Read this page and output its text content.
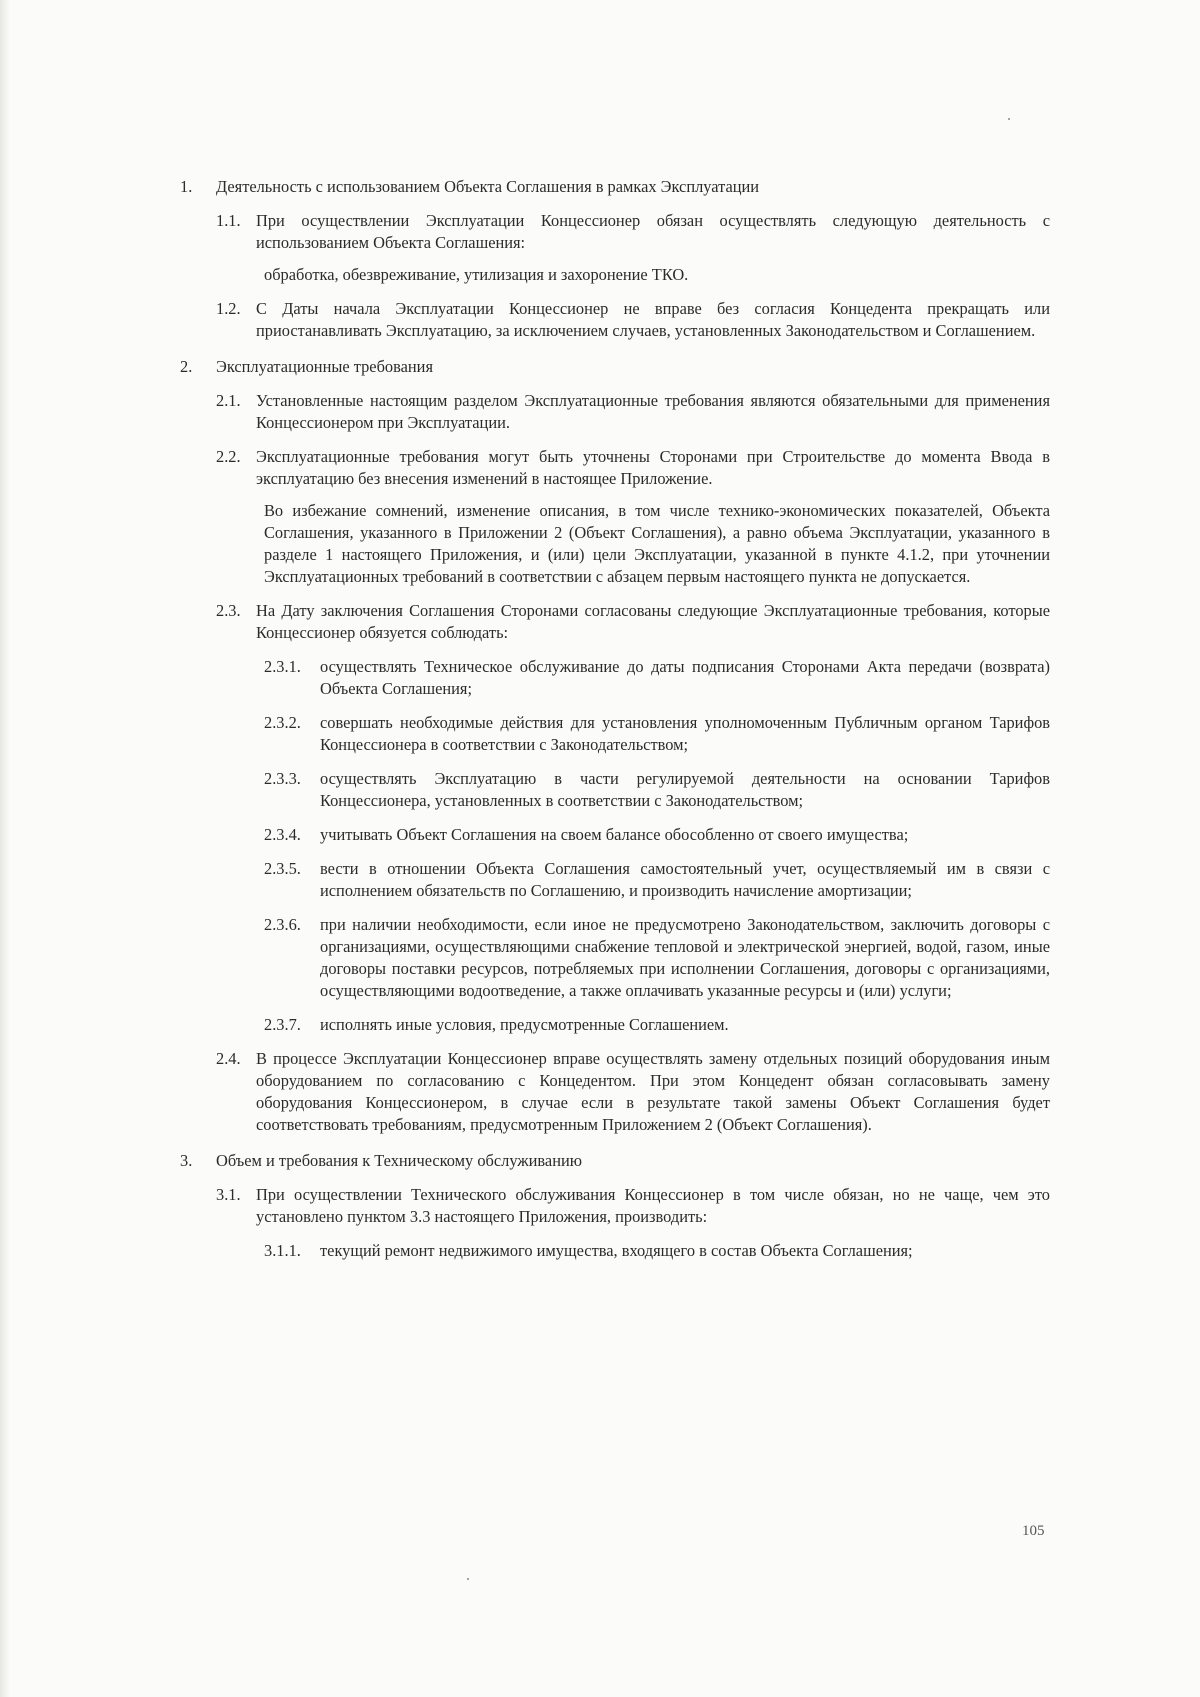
1. Деятельность с использованием Объекта Соглашения в рамках Эксплуатации
1.1. При осуществлении Эксплуатации Концессионер обязан осуществлять следующую деятельность с использованием Объекта Соглашения:

обработка, обезвреживание, утилизация и захоронение ТКО.

1.2. С Даты начала Эксплуатации Концессионер не вправе без согласия Концедента прекращать или приостанавливать Эксплуатацию, за исключением случаев, установленных Законодательством и Соглашением.
2. Эксплуатационные требования
2.1. Установленные настоящим разделом Эксплуатационные требования являются обязательными для применения Концессионером при Эксплуатации.
2.2. Эксплуатационные требования могут быть уточнены Сторонами при Строительстве до момента Ввода в эксплуатацию без внесения изменений в настоящее Приложение.

Во избежание сомнений, изменение описания, в том числе технико-экономических показателей, Объекта Соглашения, указанного в Приложении 2 (Объект Соглашения), а равно объема Эксплуатации, указанного в разделе 1 настоящего Приложения, и (или) цели Эксплуатации, указанной в пункте 4.1.2, при уточнении Эксплуатационных требований в соответствии с абзацем первым настоящего пункта не допускается.

2.3. На Дату заключения Соглашения Сторонами согласованы следующие Эксплуатационные требования, которые Концессионер обязуется соблюдать:
2.3.1. осуществлять Техническое обслуживание до даты подписания Сторонами Акта передачи (возврата) Объекта Соглашения;
2.3.2. совершать необходимые действия для установления уполномоченным Публичным органом Тарифов Концессионера в соответствии с Законодательством;
2.3.3. осуществлять Эксплуатацию в части регулируемой деятельности на основании Тарифов Концессионера, установленных в соответствии с Законодательством;
2.3.4. учитывать Объект Соглашения на своем балансе обособленно от своего имущества;
2.3.5. вести в отношении Объекта Соглашения самостоятельный учет, осуществляемый им в связи с исполнением обязательств по Соглашению, и производить начисление амортизации;
2.3.6. при наличии необходимости, если иное не предусмотрено Законодательством, заключить договоры с организациями, осуществляющими снабжение тепловой и электрической энергией, водой, газом, иные договоры поставки ресурсов, потребляемых при исполнении Соглашения, договоры с организациями, осуществляющими водоотведение, а также оплачивать указанные ресурсы и (или) услуги;
2.3.7. исполнять иные условия, предусмотренные Соглашением.
2.4. В процессе Эксплуатации Концессионер вправе осуществлять замену отдельных позиций оборудования иным оборудованием по согласованию с Концедентом. При этом Концедент обязан согласовывать замену оборудования Концессионером, в случае если в результате такой замены Объект Соглашения будет соответствовать требованиям, предусмотренным Приложением 2 (Объект Соглашения).
3. Объем и требования к Техническому обслуживанию
3.1. При осуществлении Технического обслуживания Концессионер в том числе обязан, но не чаще, чем это установлено пунктом 3.3 настоящего Приложения, производить:
3.1.1. текущий ремонт недвижимого имущества, входящего в состав Объекта Соглашения;
105
